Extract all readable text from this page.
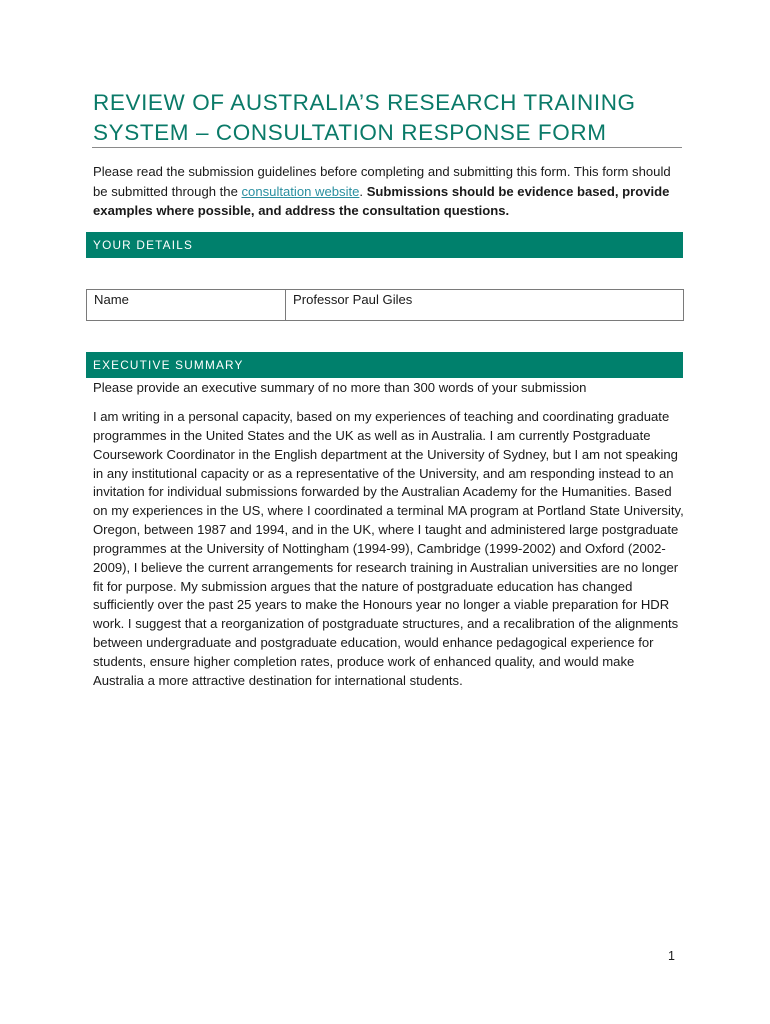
REVIEW OF AUSTRALIA’S RESEARCH TRAINING SYSTEM – CONSULTATION RESPONSE FORM

Please read the submission guidelines before completing and submitting this form. This form should be submitted through the consultation website. Submissions should be evidence based, provide examples where possible, and address the consultation questions.

YOUR DETAILS
Name	Professor Paul Giles
EXECUTIVE SUMMARY

Please provide an executive summary of no more than 300 words of your submission

I am writing in a personal capacity, based on my experiences of teaching and coordinating graduate programmes in the United States and the UK as well as in Australia. I am currently Postgraduate Coursework Coordinator in the English department at the University of Sydney, but I am not speaking in any institutional capacity or as a representative of the University, and am responding instead to an invitation for individual submissions forwarded by the Australian Academy for the Humanities. Based on my experiences in the US, where I coordinated a terminal MA program at Portland State University, Oregon, between 1987 and 1994, and in the UK, where I taught and administered large postgraduate programmes at the University of Nottingham (1994-99), Cambridge (1999-2002) and Oxford (2002-2009), I believe the current arrangements for research training in Australian universities are no longer fit for purpose. My submission argues that the nature of postgraduate education has changed sufficiently over the past 25 years to make the Honours year no longer a viable preparation for HDR work. I suggest that a reorganization of postgraduate structures, and a recalibration of the alignments between undergraduate and postgraduate education, would enhance pedagogical experience for students, ensure higher completion rates, produce work of enhanced quality, and would make Australia a more attractive destination for international students.

1
